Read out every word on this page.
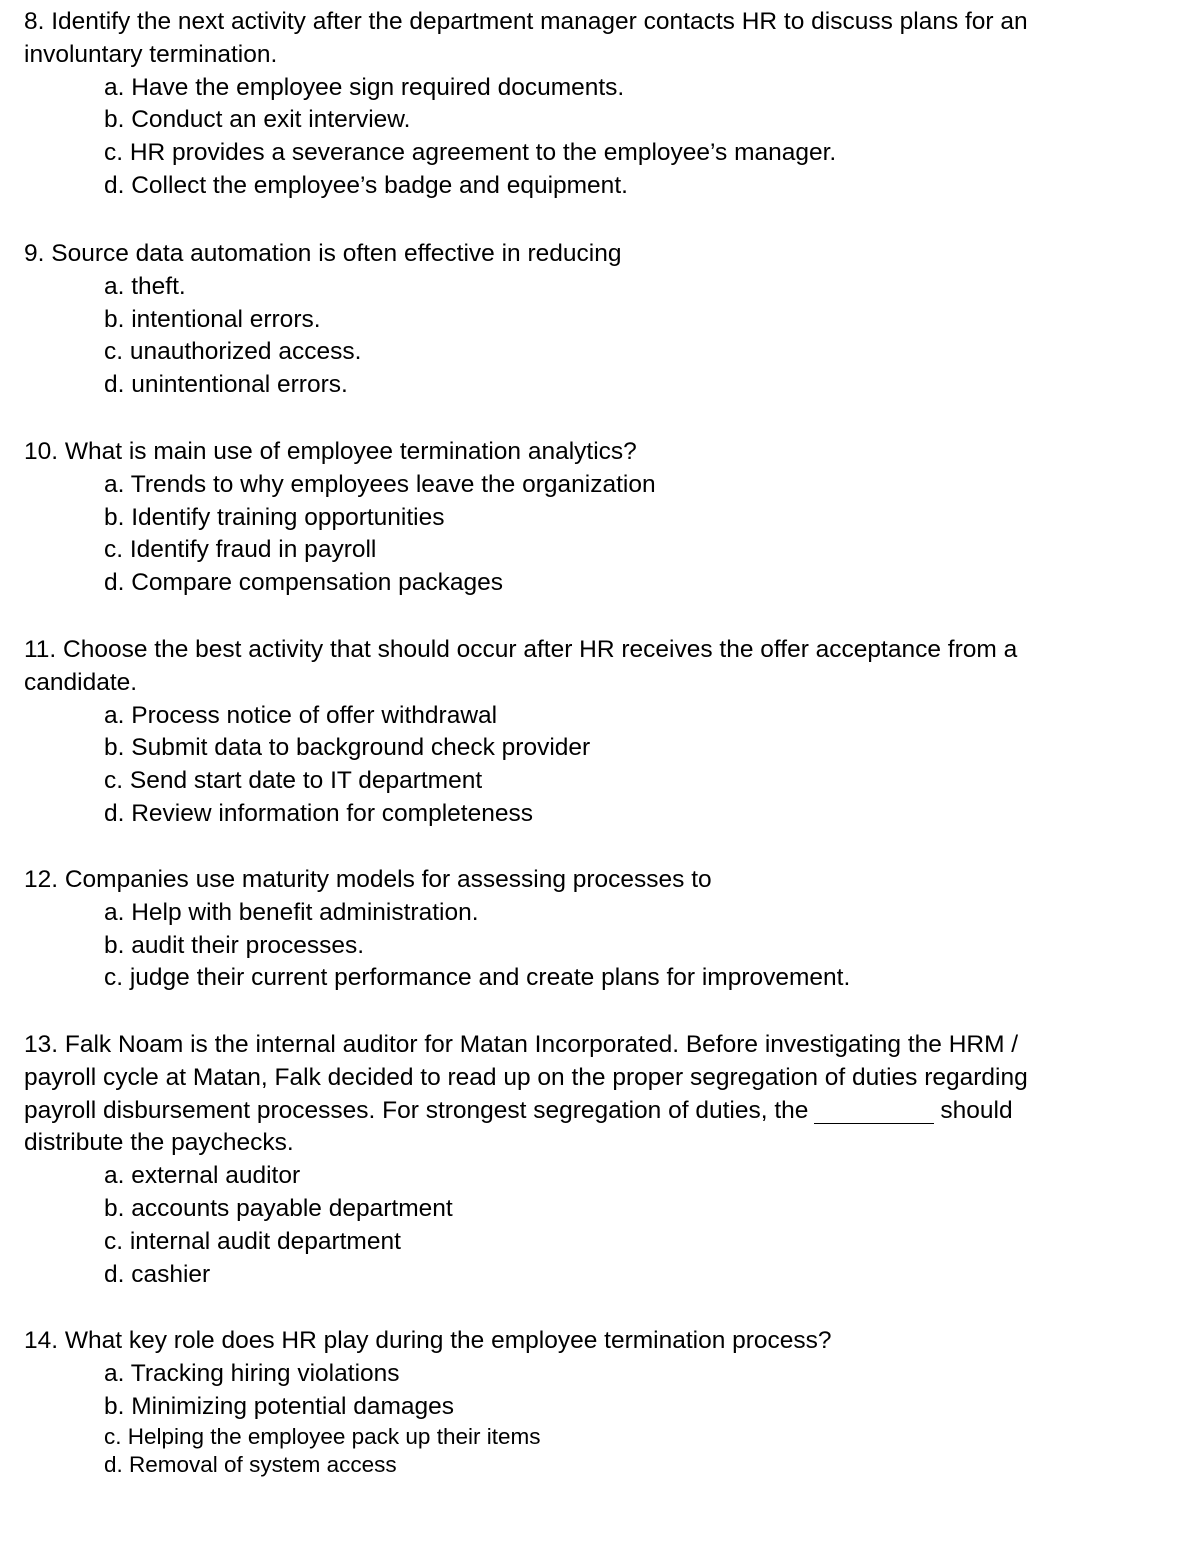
8. Identify the next activity after the department manager contacts HR to discuss plans for an involuntary termination.

a. Have the employee sign required documents.
b. Conduct an exit interview.
c. HR provides a severance agreement to the employee’s manager.
d. Collect the employee’s badge and equipment.

9. Source data automation is often effective in reducing

a. theft.
b. intentional errors.
c. unauthorized access.
d. unintentional errors.

10. What is main use of employee termination analytics?

a. Trends to why employees leave the organization
b. Identify training opportunities
c. Identify fraud in payroll
d. Compare compensation packages

11. Choose the best activity that should occur after HR receives the offer acceptance from a candidate.

a. Process notice of offer withdrawal
b. Submit data to background check provider
c. Send start date to IT department
d. Review information for completeness

12. Companies use maturity models for assessing processes to

a. Help with benefit administration.
b. audit their processes.
c. judge their current performance and create plans for improvement.

13. Falk Noam is the internal auditor for Matan Incorporated. Before investigating the HRM / payroll cycle at Matan, Falk decided to read up on the proper segregation of duties regarding payroll disbursement processes. For strongest segregation of duties, the	should distribute the paychecks.

a. external auditor
b. accounts payable department
c. internal audit department
d. cashier

14. What key role does HR play during the employee termination process?

a. Tracking hiring violations
b. Minimizing potential damages
c. Helping the employee pack up their items
d. Removal of system access
